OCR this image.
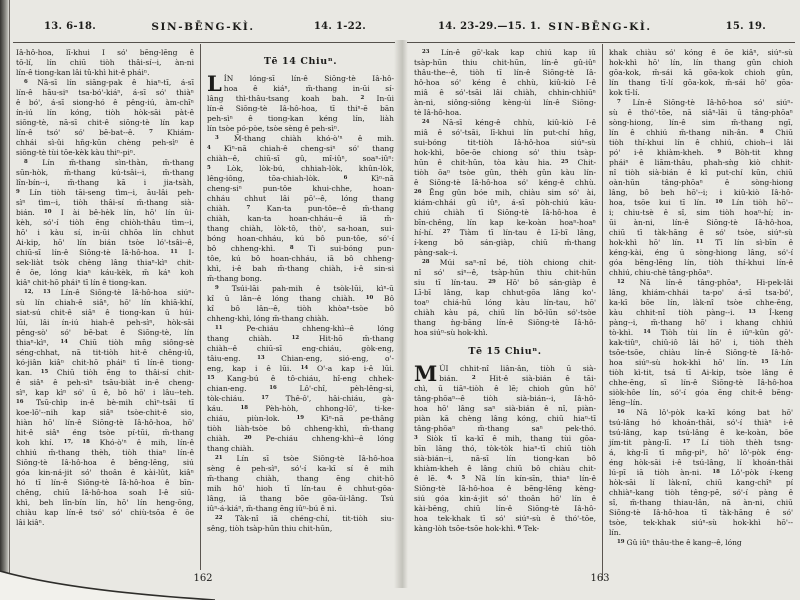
13. 6-18.	SIN-BĒNG-KÌ.	14. 1-22.
Iâ-hô-hoa, lī-khui I só' bēng-lēng ê
tō-lí, lín chiū tiòh thâi-sí--i, àn-ni
lín-ê tiong-kan lâi tû-khì hit-ê pháiⁿ.
$^6$ Nā-sī lín siāng-pak ê hiaⁿ-tī, á-sī
lín-ê hāu-siⁿ tsa-bó'-kiáⁿ, á-sī só' thiàⁿ
ê bó', á-sī siong-hó ê pêng-iú, àm-chīⁿ
ín-iú lín kóng, tiòh hòk-sāi pàt-ê
siōng-tè, nā-sī chit-ê siōng-tè lín kap
lín-ê tsó' só' bē-bat--ê. $^7$ Khiám-
chhái sì-ûi hn̄g-kūn chèng peh-sìⁿ ê
siōng-tè tùi tōe-kèk kàu thiⁿ-piⁿ.
$^8$ Lín m̄-thang sìn-thàn, m̄-thang
sūn-hòk, m̄-thang kú-tsâi--i, m̄-thang
lîn-bín--i, m̄-thang kā i jia-tsàh,
$^9$ Lín tiòh tāi-seng tìm--i, āu-lâi peh-
sìⁿ tìm--i, tiòh thâi-sí m̄-thang sià-
bián. $^{10}$ I ài bê-hèk lín, hō' lín ûi-
kèh, só'-í tiòh ēng chiòh-thâu tìm--i,
hō' i kàu sí, in-ūi chhōa lín chhut
Ai-kip, hō' lín bián tsòe ló'-tsâi--ê,
chiū-sī lín-ê Siōng-tè Iâ-hô-hoa. $^{11}$ I-
sek-liàt tsòk chèng lâng thiaⁿ-kìⁿ chit-
ê ōe, lóng kiaⁿ káu-kèk, m̄ káⁿ koh
kiâⁿ chit-hō pháiⁿ tī lín ê tiong-kan.
$^{12, 13}$ Lín-ê Siōng-tè Iâ-hô-hoa siúⁿ-
sù lín chiah-ê siâⁿ, hō' lín khiā-khí,
siat-sú chit-ê siâⁿ ê tiong-kan ū húi-
lūi, lâi ín-iú hiah-ê peh-sìⁿ, hòk-sāi
pêng-sò' só' bē-bat ê Siōng-tè, lín
thiaⁿ-kìⁿ, $^{14}$ Chiū tiòh mn̄g siông-sè
séng-chhat, nā tit-tiòh hit-ê chêng-iû,
kó-jiân kiâⁿ chit-hō pháiⁿ tī lín-ê tiong-
kan. $^{15}$ Chiū tiòh ēng to thâi-sí chit-
ê siâⁿ ê peh-sìⁿ tsāu-biàt in-ê cheng-
sìⁿ, kap kìⁿ só' ū ê, bô hō' i lâu--teh.
$^{16}$ Tsū-chìp in-ê bè-mih chìⁿ-tsâi tī
koe-lō'--nih kap siâⁿ tsòe-chit-ê sio,
hiàn hō' lín-ê Siōng-tè Iâ-hô-hoa, hō'
hit-ê siâⁿ éng tsòe pí-tūi, m̄-thang
koh khí. $^{17, 18}$ Khó-ò'ⁿ ê mih, lín-ê
chhiú m̄-thang thèh, tiòh thiaⁿ lín-ê
Siōng-tè Iâ-hô-hoa ê bēng-lēng, siú
góa kin-ná-jit só' thoân ê kài-lût, kiâⁿ
hó tī lín-ê Siōng-tè Iâ-hô-hoa ê bīn-
chêng, chiū Iâ-hô-hoa soah I-ê siū-
khì, beh lîn-bín lín, hō' lín heng-ōng,
chiàu kap lín-ê tsó' só' chiù-tsōa ê ōe
lâi kiâⁿ.
Tē 14 Chiuⁿ.
L ÍN lóng-sī lín-ê Siōng-tè Iâ-hô-
hoa ê kiáⁿ, m̄-thang in-ūi sí-
lâng thì-thâu-tsang koah bah. $^2$ In-ūi
lín-ê Siōng-tè Iâ-hô-hoa, tī thiⁿ-ē bān
peh-sìⁿ ê tiong-kan kéng lín, liàh
lín tsòe pó-pòe, tsòe sèng ê peh-sìⁿ.
$^3$ M̄-thang chiàh khó-ò'ⁿ ê mih.
$^4$ Kìⁿ-nā chiah-ê cheng-siⁿ só' thang
chiàh--ê, chiū-sī gû, mî-iûⁿ, soaⁿ-iûⁿ:
$^5$ Lòk, lòk-bú, chhiah-lòk, khûn-lòk,
lêng-iông, tōa-chiah-lòk. $^6$ Kìⁿ-nā
cheng-siⁿ pun-tôe khui-chhe, hoan-
chháu chhut lâi pō'--ê, lóng thang
chiàh. $^7$ Kan-ta pun-tôe--ê m̄-thang
chiàh, kan-ta hoan-chháu--ê iā m̄-
thang chiàh, lòk-tô, thò', sa-hoan, sui-
bóng hoan-chháu, kú bô pun-tôe, só'-í
bô chheng-khì. $^8$ Ti sui-bóng pun-
tôe, kú bô hoan-chháu, iā bô chheng-
khì, i-ê bah m̄-thang chiàh, i-ê sin-si
m̄-thang bong.
$^9$ Tsúi-lāi pah-mih ê tsòk-lūi, kìⁿ-ū
kî ū lân--ê lóng thang chiàh. $^{10}$ Bô
kî bô lân--ê, tiòh khòaⁿ-tsòe bô
chheng-khì, lóng m̄-thang chiàh.
$^{11}$ Pe-chiáu chheng-khì--ê lóng
thang chiàh. $^{12}$ Hit-hō m̄-thang
chiàh--ê chiū-sī eng-chiáu, gòk-eng,
tâiu-eng. $^{13}$ Chian-eng, sió-eng, o'-
eng, kap i ê lūi. $^{14}$ O'-a kap i-ê lūi.
$^{15}$ Kang-bú ê tô-chiáu, hî-eng chhek-
chian-eng. $^{16}$ Lô'-chî, pèh-lêng-si,
tòk-chiáu. $^{17}$ Thê-ô', hâi-chiáu, gà-
káu. $^{18}$ Pèh-hòh, chhong-lō', ti-ke-
chiáu, piùn-lok. $^{19}$ Kìⁿ-nā pe-thâng
tiòh liàh-tsòe bô chheng-khì, m̄-thang
chiàh. $^{20}$ Pe-chiáu chheng-khì--ê lóng
thang chiàh.
$^{21}$ Lín sī tsòe Siōng-tè Iâ-hô-hoa
sèng ê peh-sìⁿ, só'-í ka-kī sí ê mih
m̄-thang chiàh, thang ēng chit-hō
mih hō' hioh tī lín-tau ê chhut-gōa-
lâng, iā thang bōe gōa-ūi-lâng. Tsú
iûⁿ-á-kiáⁿ, m̄-thang ēng iûⁿ-bú ê ni.
$^{22}$ Tàk-nî iā chéng-chí, tit-tiòh siu-
sêng, tiòh tsàp-hūn thiu chit-hūn,
162
14. 23-29.—15. 1. SIN-BĒNG-KÌ.	15. 19.
$^{23}$ Lín-ê gō'-kak kap chiú kap iû
tsàp-hūn thiu chit-hūn, lín-ê gû-iûⁿ
thâu-the--ê, tiòh tī lín-ê Siōng-tè Iâ-
hô-hoa só' kéng ê chhù, kiû-kiò I-ê
miâ ê só'-tsāi lâi chiàh, chhin-chhiūⁿ
àn-ni, siông-siông kèng-ùi lín-ê Siōng-
tè Iâ-hô-hoa.
$^{24}$ Nā-sī kéng-ê chhù, kiû-kiò I-ê
miâ ê só'-tsāi, lī-khui lín put-chí hn̄g,
sui-bóng tit-tiòh Iâ-hô-hoa siúⁿ-sù
hok-khì, bōe-ōe chiong só' thiu tsàp-
hūn ê chit-hūn, tòa kàu hia. $^{25}$ Chit-
tiòh ōaⁿ tsòe gûn, thèh gûn kàu lín-
ê Siōng-tè Iâ-hô-hoa só' kéng-ê chhù.
$^{26}$ Ēng gûn bóe mih, chiàu sim só' ài,
kiám-chhái gû iûⁿ, á-sī pòh-chiú kāu-
chiú chiàh tī Siōng-tè Iâ-hô-hoa ê
bīn-chêng, lín kap ke-koàn hoaⁿ-hoaⁿ
hí-hí. $^{27}$ Tiàm tī lín-tau ê Lī-bī lâng,
í-keng bô sán-giàp, chiū m̄-thang
pàng-sak--i.
$^{28}$ Múi saⁿ-nî bé, tiòh chiong chit-
nî só' siⁿ--ê, tsàp-hūn thiu chit-hūn
siu tī lín-tau. $^{29}$ Hō' bô sán-giàp ê
Lī-bī lâng, kap chhut-gōa lâng ko'-
toaⁿ chiá-hū lóng kàu lín-tau, hō'
chiàh kàu pá, chiū lín bô-lūn só'-tsòe
thang ǹg-bāng lín-ê Siōng-tè Iâ-hô-
hoa siúⁿ-sù hok-khì.
Tē 15 Chiuⁿ.
M ÚI chhit-nî liân-ân, tiòh ū sià-
bián. $^2$ Hit-ê sià-bián ê tāi-
chì, ū tiāⁿ-tiòh ê lē; chioh gûn hō'
tâng-phōaⁿ--ê tiòh sià-bián--i, Iâ-hô-
hoa hō' lâng saⁿ sià-bián ê nî, piàn-
piàn kā chèng lâng kóng, chiū hiaⁿ-tī
tâng-phōaⁿ m̄-thang saⁿ pek-thó.
$^3$ Siòk tī ka-kī ê mih, thang tùi gōa-
bīn lâng thó, tòk-tòk hiaⁿ-tī chiū tiòh
sià-bián--i, nā-sī lín tiong-kan bô
khiàm-kheh ê lâng chiū bô chiàu chit-
ê lē. $^{4, 5}$ Nā lín kín-sīn, thiaⁿ lín-ê
Siōng-tè Iâ-hô-hoa ê bēng-lēng kèng-
siú góa kin-á-jit só' thoân hō' lín ê
kài-bēng, chiū lín-ê Siōng-tè Iâ-hô-
hoa tek-khak tī só' siúⁿ-sù ê thó'-tōe,
kàng-lòh tsōe-tsōe hok-khì. $^6$ Tek-
khak chiàu só' kóng ê ōe kiâⁿ, siúⁿ-sù
hok-khì hō' lín, lín thang gûn chioh
gōa-kok, m̄-sái kā gōa-kok chioh gûn,
lín thang tī-lí gōa-kok, m̄-sái hō' gōa-
kok tī-lí.
$^7$ Lín-ê Siōng-tè Iâ-hô-hoa só' siúⁿ-
sù ê thó'-tōe, nā siâⁿ-lāi ū tâng-phōaⁿ
sòng-hiong, lín-ê sim m̄-thang ngī,
lín ê chhiú m̄-thang nih-ân. $^8$ Chiū
tiòh thí-khui lín ê chhiú, chioh--i lâi
pó' i-ê khiàm-kheh. $^9$ Bòh-tit khng
pháiⁿ ê liām-thâu, phah-sǹg kiò chhit-
nî tiòh sià-bián ê kî put-chí kūn, chiū
oàn-hūn tâng-phōaⁿ ê sòng-hiong
lâng, bô beh hō'--i; i kiû-kiò Iâ-hô-
hoa, tsōe kui tī lín. $^{10}$ Lín tiòh hō'--
i; chiu-tsè ê sî, sim tiòh hoaⁿ-hí; in-
ūi àn-ni, lín-ê Siōng-tè Iâ-hô-hoa,
chiū tī tàk-hāng ê só' tsòe, siúⁿ-sù
hok-khì hō' lín. $^{11}$ Tī lín sì-bīn ê
kéng-kài, éng ū sòng-hiong lâng, só'-í
góa bēng-lēng lín, tiòh thí-khui lín-ê
chhiú, chiu-chè tâng-phōaⁿ.
$^{12}$ Nā lín-ê tâng-phōaⁿ, Hi-pek-lâi
lâng, khiám-chhái ta-po' á-sī tsa-bó',
ka-kī bōe lín, làk-nî tsòe chhe-ēng,
kàu chhit-nî tiòh pàng--i. $^{13}$ Í-keng
pàng--i, m̄-thang hō' i khang chhiú
tò-khì. $^{14}$ Tiòh tùi lín ê iûⁿ-kûn gō'-
kak-tiûⁿ, chiû-iô lâi hō' i, tiòh thèh
tsōe-tsōe, chiàu lín-ê Siōng-tè Iâ-hô-
hoa siúⁿ-sù hok-khì hō' lín. $^{15}$ Lín
tiòh kì-tit, tsá tī Ai-kip, tsòe lâng ê
chhe-ēng, sī lín-ê Siōng-tè Iâ-hô-hoa
siòk-hôe lín, só'-í góa ēng chit-ê bēng-
lēng--lín.
$^{16}$ Nā lô'-pòk ka-kī kóng bat hō'
tsú-lâng hó khoán-thāi, só'-í thiàⁿ i-ê
tsú-lâng, kap tsú-lâng ê ke-koàn, bōe
jím-tit pàng-lī. $^{17}$ Lí tiòh thèh tsng-
á, kǹg-lī tī mn̄g-piⁿ, hō' lô'-pòk éng-
éng hòk-sāi i-ê tsú-lâng, lí khoán-thāi
lú-pī iā tiòh àn-ni. $^{18}$ Lô'-pòk í-keng
hòk-sāi lí làk-nî, chiū kang-chîⁿ pí
chhiàⁿ-kang tiòh têng-pē, só'-í pàng ê
sî, m̄-thang thiau-lân, nā àn-ni, chiū
Siōng-tè Iâ-hô-hoa tī tàk-hāng ê só'
tsòe, tek-khak siúⁿ-sù hok-khì hō'--
lín.
$^{19}$ Gû iûⁿ thâu-the ê kang--ê, lóng
163
